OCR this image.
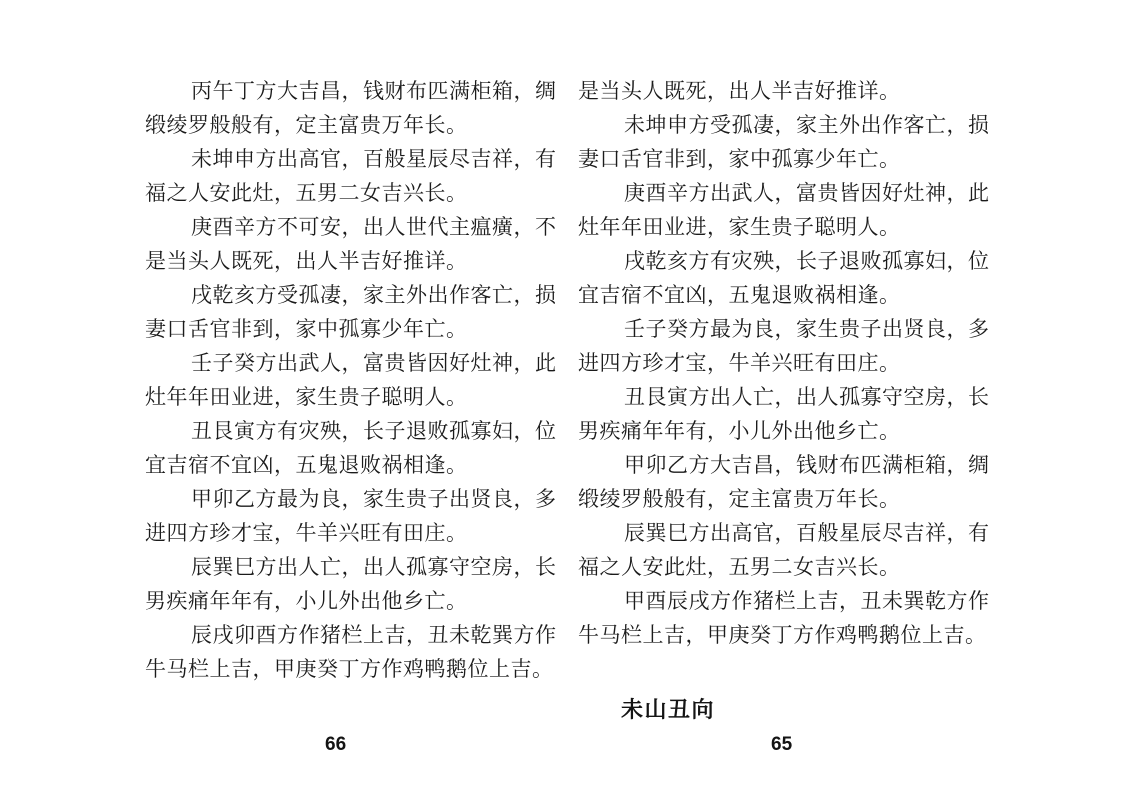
丙午丁方大吉昌，钱财布匹满柜箱，绸
缎绫罗般般有，定主富贵万年长。
未坤申方出高官，百般星辰尽吉祥，有
福之人安此灶，五男二女吉兴长。
庚酉辛方不可安，出人世代主瘟癀，不
是当头人既死，出人半吉好推详。
戌乾亥方受孤凄，家主外出作客亡，损
妻口舌官非到，家中孤寡少年亡。
壬子癸方出武人，富贵皆因好灶神，此
灶年年田业进，家生贵子聪明人。
丑艮寅方有灾殃，长子退败孤寡妇，位
宜吉宿不宜凶，五鬼退败祸相逢。
甲卯乙方最为良，家生贵子出贤良，多
进四方珍才宝，牛羊兴旺有田庄。
辰巽巳方出人亡，出人孤寡守空房，长
男疾痛年年有，小儿外出他乡亡。
辰戌卯酉方作猪栏上吉，丑未乾巽方作
牛马栏上吉，甲庚癸丁方作鸡鸭鹅位上吉。
是当头人既死，出人半吉好推详。
未坤申方受孤凄，家主外出作客亡，损
妻口舌官非到，家中孤寡少年亡。
庚酉辛方出武人，富贵皆因好灶神，此
灶年年田业进，家生贵子聪明人。
戌乾亥方有灾殃，长子退败孤寡妇，位
宜吉宿不宜凶，五鬼退败祸相逢。
壬子癸方最为良，家生贵子出贤良，多
进四方珍才宝，牛羊兴旺有田庄。
丑艮寅方出人亡，出人孤寡守空房，长
男疾痛年年有，小儿外出他乡亡。
甲卯乙方大吉昌，钱财布匹满柜箱，绸
缎绫罗般般有，定主富贵万年长。
辰巽巳方出高官，百般星辰尽吉祥，有
福之人安此灶，五男二女吉兴长。
甲酉辰戌方作猪栏上吉，丑未巽乾方作
牛马栏上吉，甲庚癸丁方作鸡鸭鹅位上吉。
未山丑向
66	65
